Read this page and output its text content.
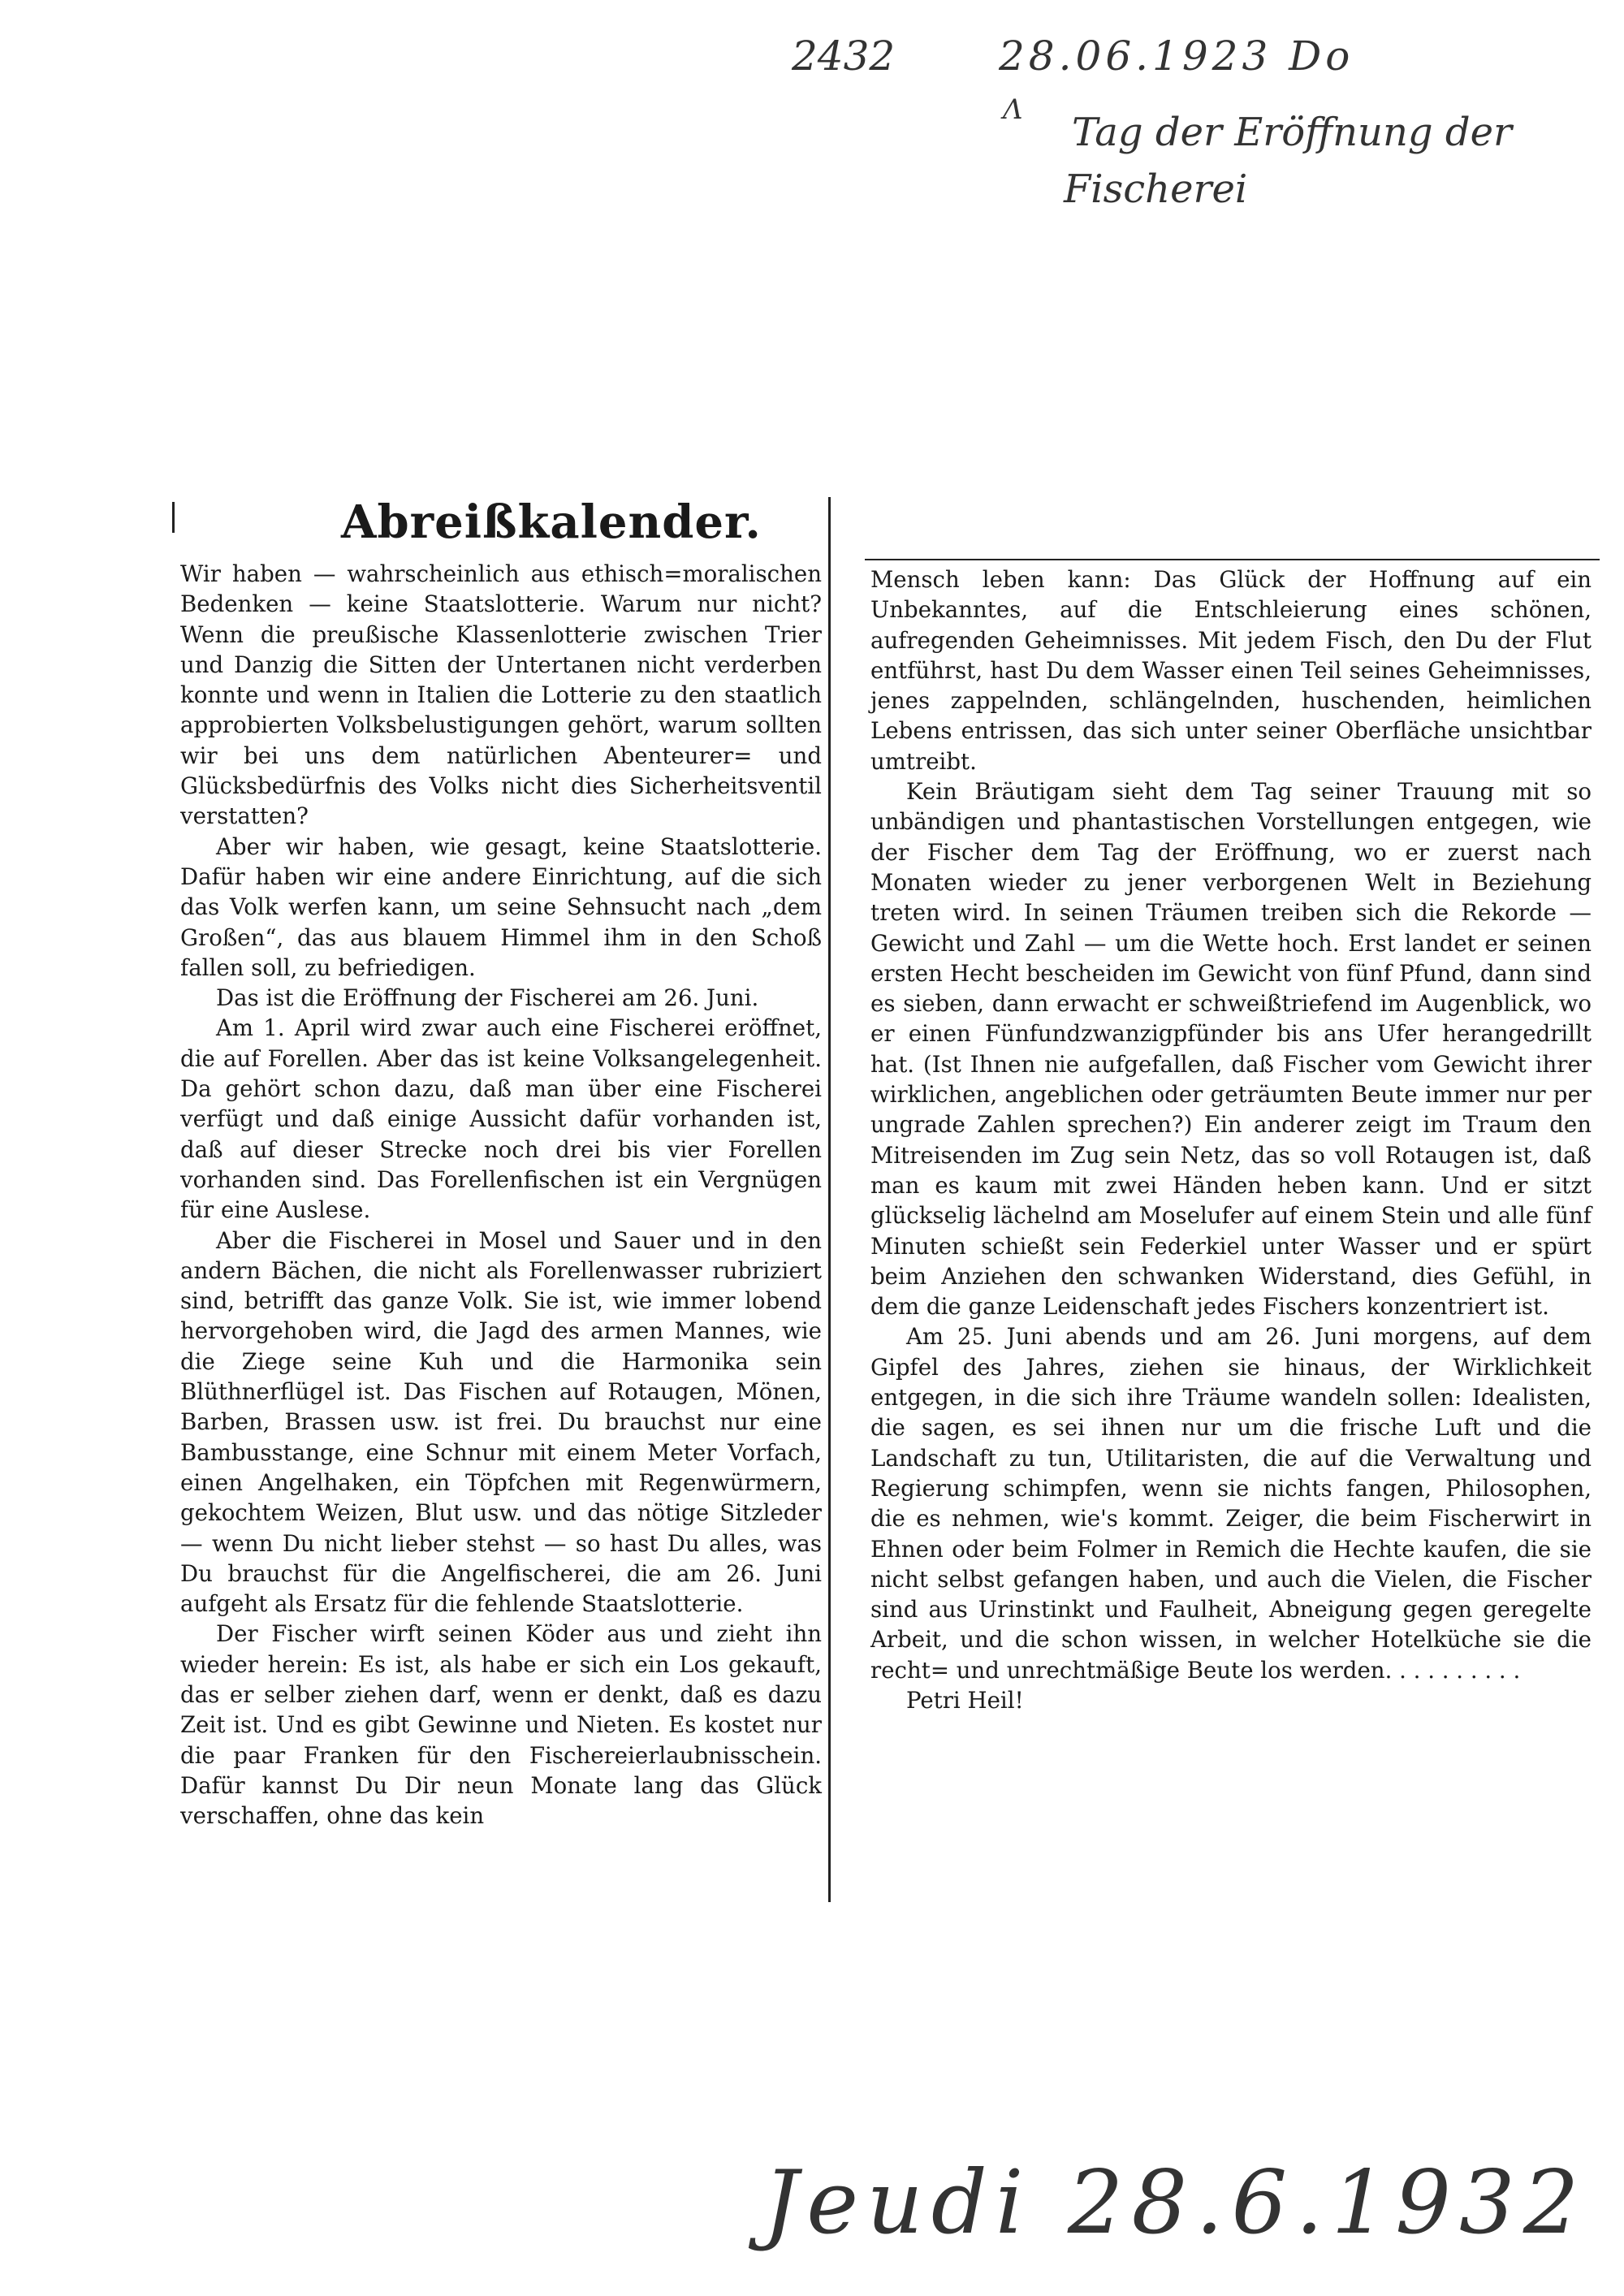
2432	28.06.1923 Do
Ʌ Tag der Eröffnung der
Fischerei
Abreißkalender.

Wir haben — wahrscheinlich aus ethisch=moralischen Bedenken — keine Staatslotterie. Warum nur nicht? Wenn die preußische Klassenlotterie zwischen Trier und Danzig die Sitten der Untertanen nicht verderben konnte und wenn in Italien die Lotterie zu den staatlich approbierten Volksbelustigungen gehört, warum sollten wir bei uns dem natürlichen Abenteurer= und Glücksbedürfnis des Volks nicht dies Sicherheitsventil verstatten?

Aber wir haben, wie gesagt, keine Staatslotterie. Dafür haben wir eine andere Einrichtung, auf die sich das Volk werfen kann, um seine Sehnsucht nach „dem Großen“, das aus blauem Himmel ihm in den Schoß fallen soll, zu befriedigen.

Das ist die Eröffnung der Fischerei am 26. Juni.

Am 1. April wird zwar auch eine Fischerei eröffnet, die auf Forellen. Aber das ist keine Volksangelegenheit. Da gehört schon dazu, daß man über eine Fischerei verfügt und daß einige Aussicht dafür vorhanden ist, daß auf dieser Strecke noch drei bis vier Forellen vorhanden sind. Das Forellenfischen ist ein Vergnügen für eine Auslese.

Aber die Fischerei in Mosel und Sauer und in den andern Bächen, die nicht als Forellenwasser rubriziert sind, betrifft das ganze Volk. Sie ist, wie immer lobend hervorgehoben wird, die Jagd des armen Mannes, wie die Ziege seine Kuh und die Harmonika sein Blüthnerflügel ist. Das Fischen auf Rotaugen, Mönen, Barben, Brassen usw. ist frei. Du brauchst nur eine Bambusstange, eine Schnur mit einem Meter Vorfach, einen Angelhaken, ein Töpfchen mit Regenwürmern, gekochtem Weizen, Blut usw. und das nötige Sitzleder — wenn Du nicht lieber stehst — so hast Du alles, was Du brauchst für die Angelfischerei, die am 26. Juni aufgeht als Ersatz für die fehlende Staatslotterie.

Der Fischer wirft seinen Köder aus und zieht ihn wieder herein: Es ist, als habe er sich ein Los gekauft, das er selber ziehen darf, wenn er denkt, daß es dazu Zeit ist. Und es gibt Gewinne und Nieten. Es kostet nur die paar Franken für den Fischereierlaubnisschein. Dafür kannst Du Dir neun Monate lang das Glück verschaffen, ohne das kein

Mensch leben kann: Das Glück der Hoffnung auf ein Unbekanntes, auf die Entschleierung eines schönen, aufregenden Geheimnisses. Mit jedem Fisch, den Du der Flut entführst, hast Du dem Wasser einen Teil seines Geheimnisses, jenes zappelnden, schlängelnden, huschenden, heimlichen Lebens entrissen, das sich unter seiner Oberfläche unsichtbar umtreibt.

Kein Bräutigam sieht dem Tag seiner Trauung mit so unbändigen und phantastischen Vorstellungen entgegen, wie der Fischer dem Tag der Eröffnung, wo er zuerst nach Monaten wieder zu jener verborgenen Welt in Beziehung treten wird. In seinen Träumen treiben sich die Rekorde — Gewicht und Zahl — um die Wette hoch. Erst landet er seinen ersten Hecht bescheiden im Gewicht von fünf Pfund, dann sind es sieben, dann erwacht er schweißtriefend im Augenblick, wo er einen Fünfundzwanzigpfünder bis ans Ufer herangedrillt hat. (Ist Ihnen nie aufgefallen, daß Fischer vom Gewicht ihrer wirklichen, angeblichen oder geträumten Beute immer nur per ungrade Zahlen sprechen?) Ein anderer zeigt im Traum den Mitreisenden im Zug sein Netz, das so voll Rotaugen ist, daß man es kaum mit zwei Händen heben kann. Und er sitzt glückselig lächelnd am Moselufer auf einem Stein und alle fünf Minuten schießt sein Federkiel unter Wasser und er spürt beim Anziehen den schwanken Widerstand, dies Gefühl, in dem die ganze Leidenschaft jedes Fischers konzentriert ist.

Am 25. Juni abends und am 26. Juni morgens, auf dem Gipfel des Jahres, ziehen sie hinaus, der Wirklichkeit entgegen, in die sich ihre Träume wandeln sollen: Idealisten, die sagen, es sei ihnen nur um die frische Luft und die Landschaft zu tun, Utilitaristen, die auf die Verwaltung und Regierung schimpfen, wenn sie nichts fangen, Philosophen, die es nehmen, wie's kommt. Zeiger, die beim Fischerwirt in Ehnen oder beim Folmer in Remich die Hechte kaufen, die sie nicht selbst gefangen haben, und auch die Vielen, die Fischer sind aus Urinstinkt und Faulheit, Abneigung gegen geregelte Arbeit, und die schon wissen, in welcher Hotelküche sie die recht= und unrechtmäßige Beute los werden. . . . . . . . . .

Petri Heil!

Jeudi 28.6.1932
